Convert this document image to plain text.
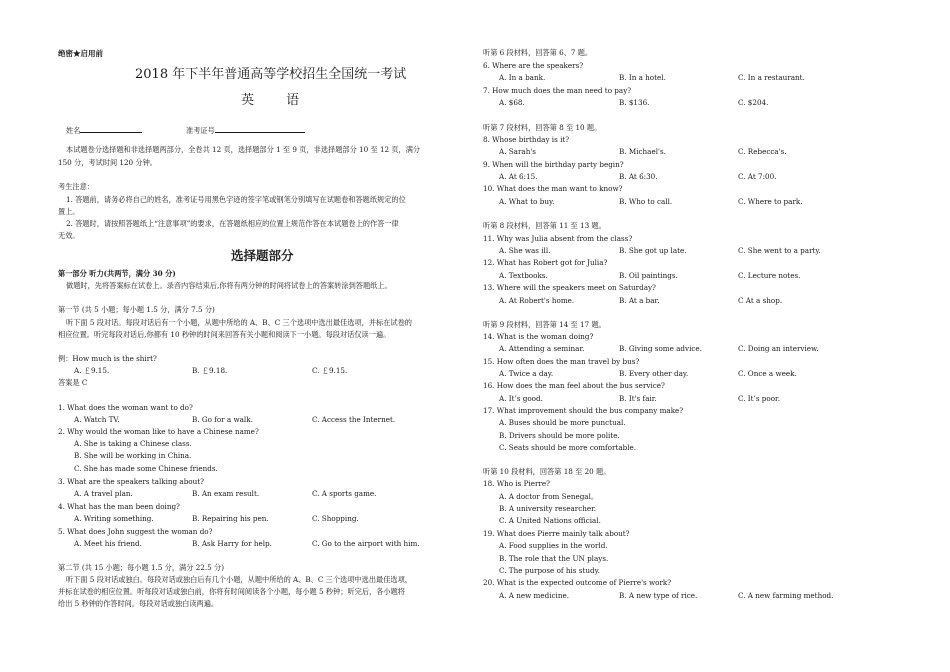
绝密★启用前
2018 年下半年普通高等学校招生全国统一考试
英 语
姓名	准考证号
本试题卷分选择题和非选择题两部分，全卷共 12 页，选择题部分 1 至 9 页，非选择题部分 10 至 12 页，满分
150 分，考试时间 120 分钟。
考生注意：
1. 答题前，请务必将自己的姓名，准考证号用黑色字迹的签字笔或钢笔分别填写在试题卷和答题纸规定的位
置上。
2. 答题时，请按照答题纸上“注意事项”的要求，在答题纸相应的位置上规范作答在本试题卷上的作答一律
无效。
选择题部分
第一部分 听力(共两节，满分 30 分)
做题时，先将答案标在试卷上。录音内容结束后,你将有两分钟的时间将试卷上的答案转涂到答题纸上。
第一节 (共 5 小题；每小题 1.5 分，满分 7.5 分)
听下面 5 段对话。每段对话后有一个小题，从题中所给的 A、B、C 三个选项中选出最佳选项，并标在试卷的
相应位置。听完每段对话后,你都有 10 秒钟的时间来回答有关小题和阅读下一小题。每段对话仅读一遍。
例：How much is the shirt?
A. ￡9.15.	B. ￡9.18.	C. ￡9.15.
答案是 C
1. What does the woman want to do?
A. Watch TV.	B. Go for a walk.	C. Access the Internet.
2. Why would the woman like to have a Chinese name?
A. She is taking a Chinese class.
B. She will be working in China.
C. She has made some Chinese friends.
3. What are the speakers talking about?
A. A travel plan.	B. An exam result.	C. A sports game.
4. What has the man been doing?
A. Writing something.	B. Repairing his pen.	C. Shopping.
5. What does John suggest the woman do?
A. Meet his friend.	B. Ask Harry for help.	C. Go to the airport with him.
第二节 (共 15 小题；每小题 1.5 分，满分 22.5 分)
听下面 5 段对话或独白。每段对话或独白后有几个小题，从题中所给的 A、B、C 三个选项中选出最佳选项，
并标在试卷的相应位置。听每段对话或独白前，你将有时间阅读各个小题，每小题 5 秒钟；听完后，各小题将
给出 5 秒钟的作答时间。每段对话或独白读两遍。
听第 6 段材料，回答第 6、7 题。
6. Where are the speakers?
A. In a bank.	B. In a hotel.	C. In a restaurant.
7. How much does the man need to pay?
A. $68.	B. $136.	C. $204.
听第 7 段材料，回答第 8 至 10 题。
8. Whose birthday is it?
A. Sarah's	B. Michael's.	C. Rebecca's.
9. When will the birthday party begin?
A. At 6:15.	B. At 6:30.	C. At 7:00.
10. What does the man want to know?
A. What to buy.	B. Who to call.	C. Where to park.
听第 8 段材料，回答第 11 至 13 题。
11. Why was Julia absent from the class?
A. She was ill.	B. She got up late.	C. She went to a party.
12. What has Robert got for Julia?
A. Textbooks.	B. Oil paintings.	C. Lecture notes.
13. Where will the speakers meet on Saturday?
A. At Robert's home.	B. At a bar.	C At a shop.
听第 9 段材料，回答第 14 至 17 题。
14. What is the woman doing?
A. Attending a seminar.	B. Giving some advice.	C. Doing an interview.
15. How often does the man travel by bus?
A. Twice a day.	B. Every other day.	C. Once a week.
16. How does the man feel about the bus service?
A. It’s good.	B. It's fair.	C. It’s poor.
17. What improvement should the bus company make?
A. Buses should be more punctual.
B. Drivers should be more polite.
C. Seats should be more comfortable.
听第 10 段材料，回答第 18 至 20 题。
18. Who is Pierre?
A. A doctor from Senegal。
B. A university researcher.
C. A United Nations official.
19. What does Pierre mainly talk about?
A. Food supplies in the world.
B. The role that the UN plays.
C. The purpose of his study.
20. What is the expected outcome of Pierre's work?
A. A new medicine.	B. A new type of rice.	C. A new farming method.
